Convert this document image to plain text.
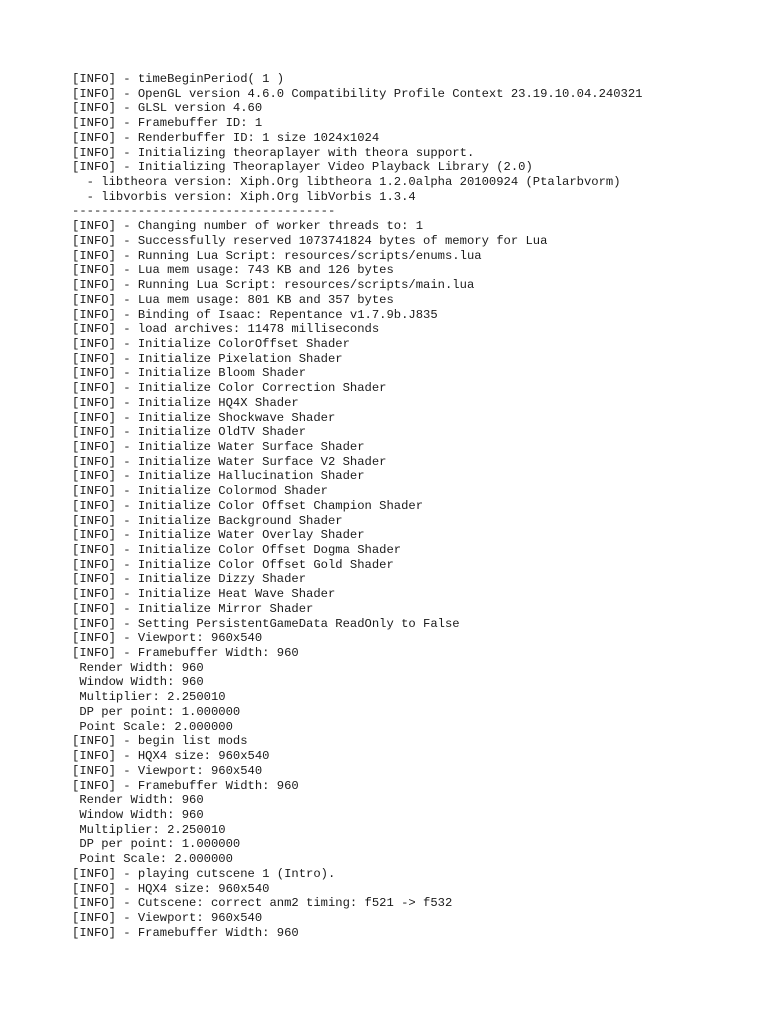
[INFO] - timeBeginPeriod( 1 )
[INFO] - OpenGL version 4.6.0 Compatibility Profile Context 23.19.10.04.240321
[INFO] - GLSL version 4.60
[INFO] - Framebuffer ID: 1
[INFO] - Renderbuffer ID: 1 size 1024x1024
[INFO] - Initializing theoraplayer with theora support.
[INFO] - Initializing Theoraplayer Video Playback Library (2.0)
- libtheora version: Xiph.Org libtheora 1.2.0alpha 20100924 (Ptalarbvorm)
- libvorbis version: Xiph.Org libVorbis 1.3.4
------------------------------------
[INFO] - Changing number of worker threads to: 1
[INFO] - Successfully reserved 1073741824 bytes of memory for Lua
[INFO] - Running Lua Script: resources/scripts/enums.lua
[INFO] - Lua mem usage: 743 KB and 126 bytes
[INFO] - Running Lua Script: resources/scripts/main.lua
[INFO] - Lua mem usage: 801 KB and 357 bytes
[INFO] - Binding of Isaac: Repentance v1.7.9b.J835
[INFO] - load archives: 11478 milliseconds
[INFO] - Initialize ColorOffset Shader
[INFO] - Initialize Pixelation Shader
[INFO] - Initialize Bloom Shader
[INFO] - Initialize Color Correction Shader
[INFO] - Initialize HQ4X Shader
[INFO] - Initialize Shockwave Shader
[INFO] - Initialize OldTV Shader
[INFO] - Initialize Water Surface Shader
[INFO] - Initialize Water Surface V2 Shader
[INFO] - Initialize Hallucination Shader
[INFO] - Initialize Colormod Shader
[INFO] - Initialize Color Offset Champion Shader
[INFO] - Initialize Background Shader
[INFO] - Initialize Water Overlay Shader
[INFO] - Initialize Color Offset Dogma Shader
[INFO] - Initialize Color Offset Gold Shader
[INFO] - Initialize Dizzy Shader
[INFO] - Initialize Heat Wave Shader
[INFO] - Initialize Mirror Shader
[INFO] - Setting PersistentGameData ReadOnly to False
[INFO] - Viewport: 960x540
[INFO] - Framebuffer Width: 960
Render Width: 960
Window Width: 960
Multiplier: 2.250010
DP per point: 1.000000
Point Scale: 2.000000
[INFO] - begin list mods
[INFO] - HQX4 size: 960x540
[INFO] - Viewport: 960x540
[INFO] - Framebuffer Width: 960
Render Width: 960
Window Width: 960
Multiplier: 2.250010
DP per point: 1.000000
Point Scale: 2.000000
[INFO] - playing cutscene 1 (Intro).
[INFO] - HQX4 size: 960x540
[INFO] - Cutscene: correct anm2 timing: f521 -> f532
[INFO] - Viewport: 960x540
[INFO] - Framebuffer Width: 960
